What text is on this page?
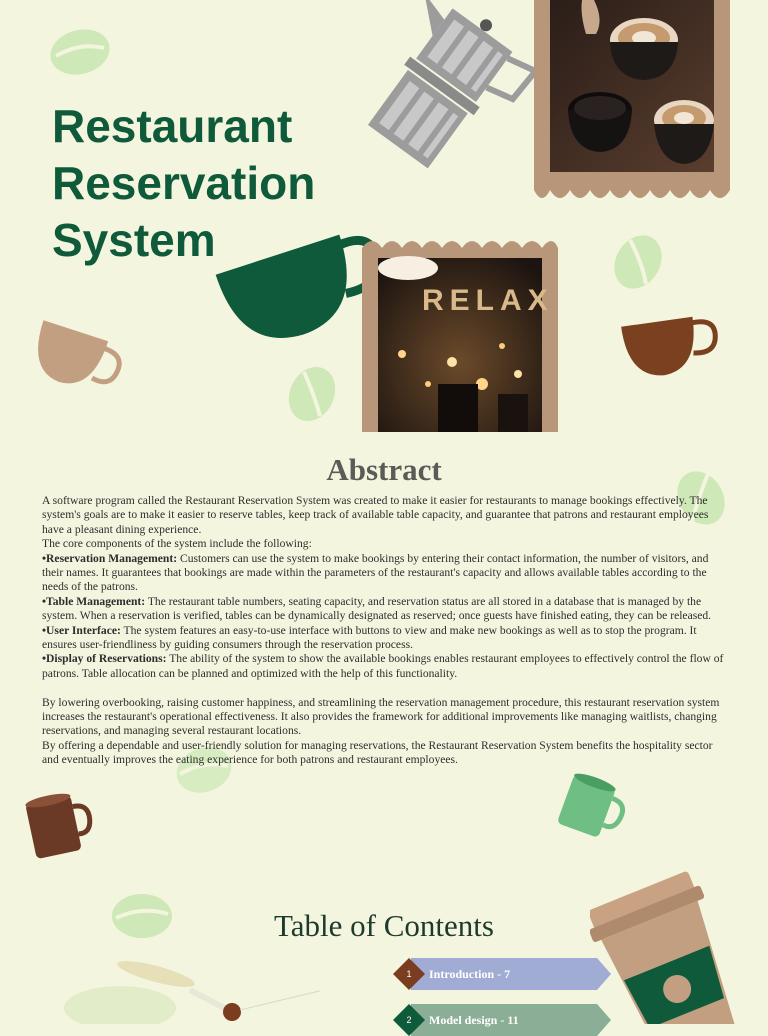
Restaurant Reservation System
RELAX
Abstract

A software program called the Restaurant Reservation System was created to make it easier for restaurants to manage bookings effectively. The system's goals are to make it easier to reserve tables, keep track of available table capacity, and guarantee that patrons and restaurant employees have a pleasant dining experience.

The core components of the system include the following:

•Reservation Management: Customers can use the system to make bookings by entering their contact information, the number of visitors, and their names. It guarantees that bookings are made within the parameters of the restaurant's capacity and allows available tables according to the needs of the patrons.

•Table Management: The restaurant table numbers, seating capacity, and reservation status are all stored in a database that is managed by the system. When a reservation is verified, tables can be dynamically designated as reserved; once guests have finished eating, they can be released.

•User Interface: The system features an easy-to-use interface with buttons to view and make new bookings as well as to stop the program. It ensures user-friendliness by guiding consumers through the reservation process.

•Display of Reservations: The ability of the system to show the available bookings enables restaurant employees to effectively control the flow of patrons. Table allocation can be planned and optimized with the help of this functionality.

By lowering overbooking, raising customer happiness, and streamlining the reservation management procedure, this restaurant reservation system increases the restaurant's operational effectiveness. It also provides the framework for additional improvements like managing waitlists, changing reservations, and managing several restaurant locations.

By offering a dependable and user-friendly solution for managing reservations, the Restaurant Reservation System benefits the hospitality sector and eventually improves the eating experience for both patrons and restaurant employees.

Table of Contents
1	Introduction - 7
2	Model design - 11
